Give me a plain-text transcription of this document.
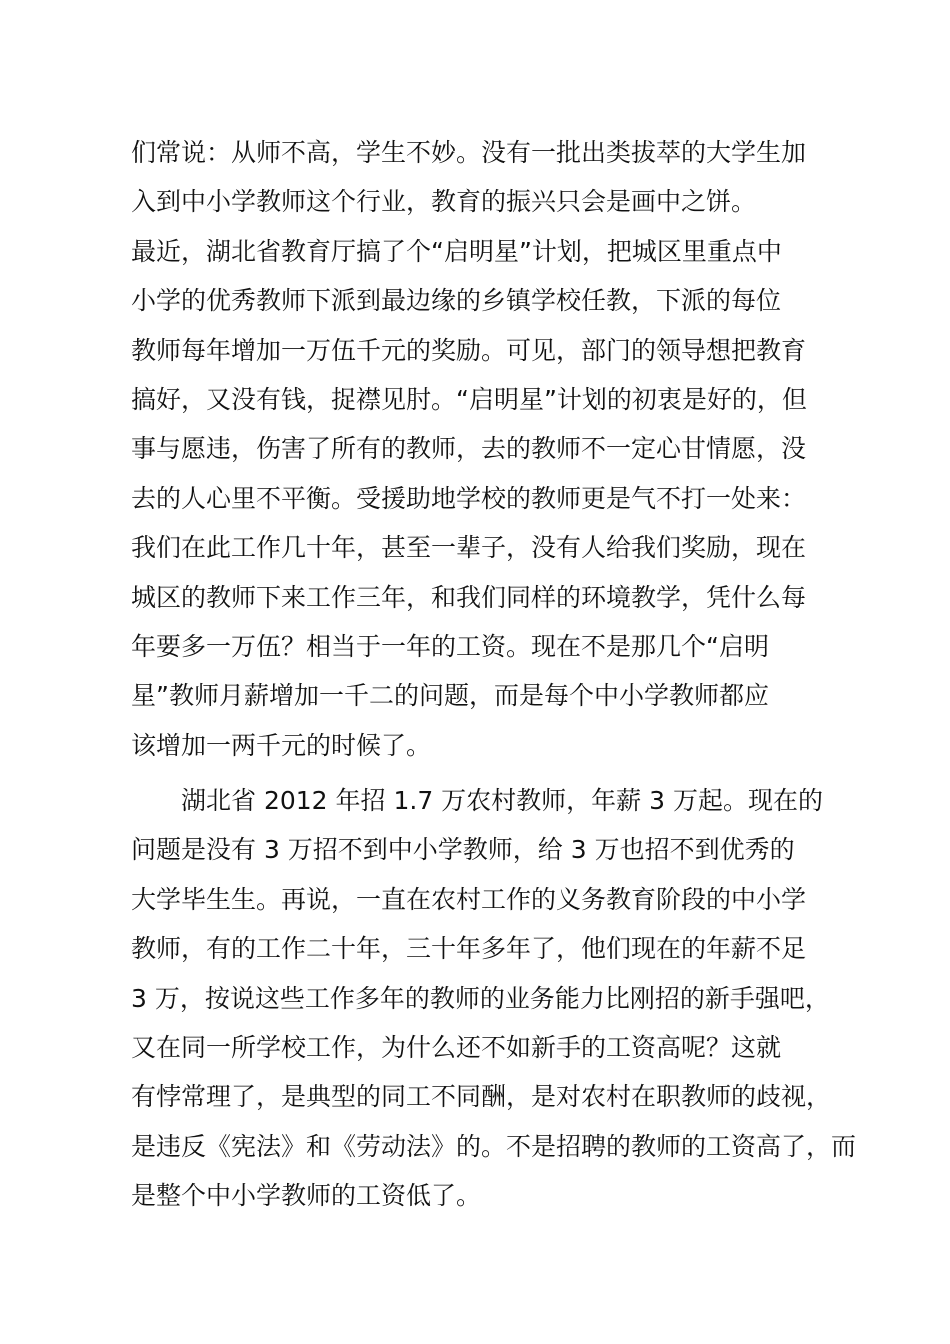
们常说：从师不高，学生不妙。没有一批出类拔萃的大学生加
入到中小学教师这个行业，教育的振兴只会是画中之饼。
最近，湖北省教育厅搞了个“启明星”计划，把城区里重点中
小学的优秀教师下派到最边缘的乡镇学校任教，下派的每位
教师每年增加一万伍千元的奖励。可见，部门的领导想把教育
搞好，又没有钱，捉襟见肘。“启明星”计划的初衷是好的，但
事与愿违，伤害了所有的教师，去的教师不一定心甘情愿，没
去的人心里不平衡。受援助地学校的教师更是气不打一处来：
我们在此工作几十年，甚至一辈子，没有人给我们奖励，现在
城区的教师下来工作三年，和我们同样的环境教学，凭什么每
年要多一万伍？相当于一年的工资。现在不是那几个“启明
星”教师月薪增加一千二的问题，而是每个中小学教师都应
该增加一两千元的时候了。
湖北省 2012 年招 1.7 万农村教师，年薪 3 万起。现在的
问题是没有 3 万招不到中小学教师，给 3 万也招不到优秀的
大学毕生生。再说，一直在农村工作的义务教育阶段的中小学
教师，有的工作二十年，三十年多年了，他们现在的年薪不足
3 万，按说这些工作多年的教师的业务能力比刚招的新手强吧，
又在同一所学校工作，为什么还不如新手的工资高呢？这就
有悖常理了，是典型的同工不同酬，是对农村在职教师的歧视，
是违反《宪法》和《劳动法》的。不是招聘的教师的工资高了，而
是整个中小学教师的工资低了。
